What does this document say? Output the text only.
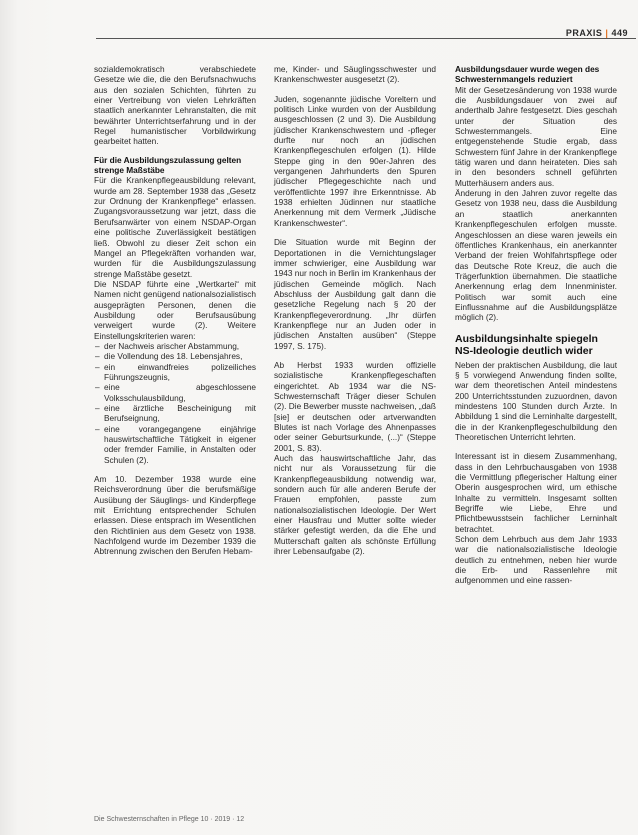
PRAXIS | 449

sozialdemokratisch verabschiedete Gesetze wie die, die den Berufsnachwuchs aus den sozialen Schichten, führten zu einer Vertreibung von vielen Lehrkräften staatlich anerkannter Lehranstalten, die mit bewährter Unterrichtserfahrung und in der Regel humanistischer Vorbildwirkung gearbeitet hatten.

Für die Ausbildungszulassung gelten strenge Maßstäbe

Für die Krankenpflegeausbildung relevant, wurde am 28. September 1938 das „Gesetz zur Ordnung der Krankenpflege“ erlassen. Zugangsvoraussetzung war jetzt, dass die Berufsanwärter von einem NSDAP-Organ eine politische Zuverlässigkeit bestätigen ließ. Obwohl zu dieser Zeit schon ein Mangel an Pflegekräften vorhanden war, wurden für die Ausbildungszulassung strenge Maßstäbe gesetzt.

Die NSDAP führte eine „Wertkartei“ mit Namen nicht genügend nationalsozialistisch ausgeprägten Personen, denen die Ausbildung oder Berufsausübung verweigert wurde (2). Weitere Einstellungskriterien waren:

– der Nachweis arischer Abstammung,
– die Vollendung des 18. Lebensjahres,
– ein einwandfreies polizeiliches Führungszeugnis,
– eine abgeschlossene Volksschulausbildung,
– eine ärztliche Bescheinigung mit Berufseignung,
– eine vorangegangene einjährige hauswirtschaftliche Tätigkeit in eigener oder fremder Familie, in Anstalten oder Schulen (2).

Am 10. Dezember 1938 wurde eine Reichsverordnung über die berufsmäßige Ausübung der Säuglings- und Kinderpflege mit Errichtung entsprechender Schulen erlassen. Diese entsprach im Wesentlichen den Richtlinien aus dem Gesetz von 1938. Nachfolgend wurde im Dezember 1939 die Abtrennung zwischen den Berufen Hebam-

me, Kinder- und Säuglingsschwester und Krankenschwester ausgesetzt (2).

Juden, sogenannte jüdische Voreltern und politisch Linke wurden von der Ausbildung ausgeschlossen (2 und 3). Die Ausbildung jüdischer Krankenschwestern und -pfleger durfte nur noch an jüdischen Krankenpflegeschulen erfolgen (1). Hilde Steppe ging in den 90er-Jahren des vergangenen Jahrhunderts den Spuren jüdischer Pflegegeschichte nach und veröffentlichte 1997 ihre Erkenntnisse. Ab 1938 erhielten Jüdinnen nur staatliche Anerkennung mit dem Vermerk „Jüdische Krankenschwester“.

Die Situation wurde mit Beginn der Deportationen in die Vernichtungslager immer schwieriger, eine Ausbildung war 1943 nur noch in Berlin im Krankenhaus der jüdischen Gemeinde möglich. Nach Abschluss der Ausbildung galt dann die gesetzliche Regelung nach § 20 der Krankenpflegeverordnung. „Ihr dürfen Krankenpflege nur an Juden oder in jüdischen Anstalten ausüben“ (Steppe 1997, S. 175).

Ab Herbst 1933 wurden offizielle sozialistische Krankenpflegeschaften eingerichtet. Ab 1934 war die NS-Schwesternschaft Träger dieser Schulen (2). Die Bewerber musste nachweisen, „daß [sie] er deutschen oder artverwandten Blutes ist nach Vorlage des Ahnenpasses oder seiner Geburtsurkunde, (...)“ (Steppe 2001, S. 83).

Auch das hauswirtschaftliche Jahr, das nicht nur als Voraussetzung für die Krankenpflegeausbildung notwendig war, sondern auch für alle anderen Berufe der Frauen empfohlen, passte zum nationalsozialistischen Ideologie. Der Wert einer Hausfrau und Mutter sollte wieder stärker gefestigt werden, da die Ehe und Mutterschaft galten als schönste Erfüllung ihrer Lebensaufgabe (2).

Ausbildungsdauer wurde wegen des Schwesternmangels reduziert

Mit der Gesetzesänderung von 1938 wurde die Ausbildungsdauer von zwei auf anderthalb Jahre festgesetzt. Dies geschah unter der Situation des Schwesternmangels. Eine entgegenstehende Studie ergab, dass Schwestern fünf Jahre in der Krankenpflege tätig waren und dann heirateten. Dies sah in den besonders schnell geführten Mutterhäusern anders aus.

Änderung in den Jahren zuvor regelte das Gesetz von 1938 neu, dass die Ausbildung an staatlich anerkannten Krankenpflegeschulen erfolgen musste. Angeschlossen an diese waren jeweils ein öffentliches Krankenhaus, ein anerkannter Verband der freien Wohlfahrtspflege oder das Deutsche Rote Kreuz, die auch die Trägerfunktion übernahmen. Die staatliche Anerkennung erlag dem Innenminister. Politisch war somit auch eine Einflussnahme auf die Ausbildungsplätze möglich (2).

Ausbildungsinhalte spiegeln NS-Ideologie deutlich wider

Neben der praktischen Ausbildung, die laut § 5 vorwiegend Anwendung finden sollte, war dem theoretischen Anteil mindestens 200 Unterrichtsstunden zuzuordnen, davon mindestens 100 Stunden durch Ärzte. In Abbildung 1 sind die Lerninhalte dargestellt, die in der Krankenpflegeschulbildung den Theoretischen Unterricht lehrten.

Interessant ist in diesem Zusammenhang, dass in den Lehrbuchausgaben von 1938 die Vermittlung pflegerischer Haltung einer Oberin ausgesprochen wird, um ethische Inhalte zu vermitteln. Insgesamt sollten Begriffe wie Liebe, Ehre und Pflichtbewusstsein fachlicher Lerninhalt betrachtet.

Schon dem Lehrbuch aus dem Jahr 1933 war die nationalsozialistische Ideologie deutlich zu entnehmen, neben hier wurde die Erb- und Rassenlehre mit aufgenommen und eine rassen-

Die Schwesternschaften in Pflege 10 · 2019 · 12
